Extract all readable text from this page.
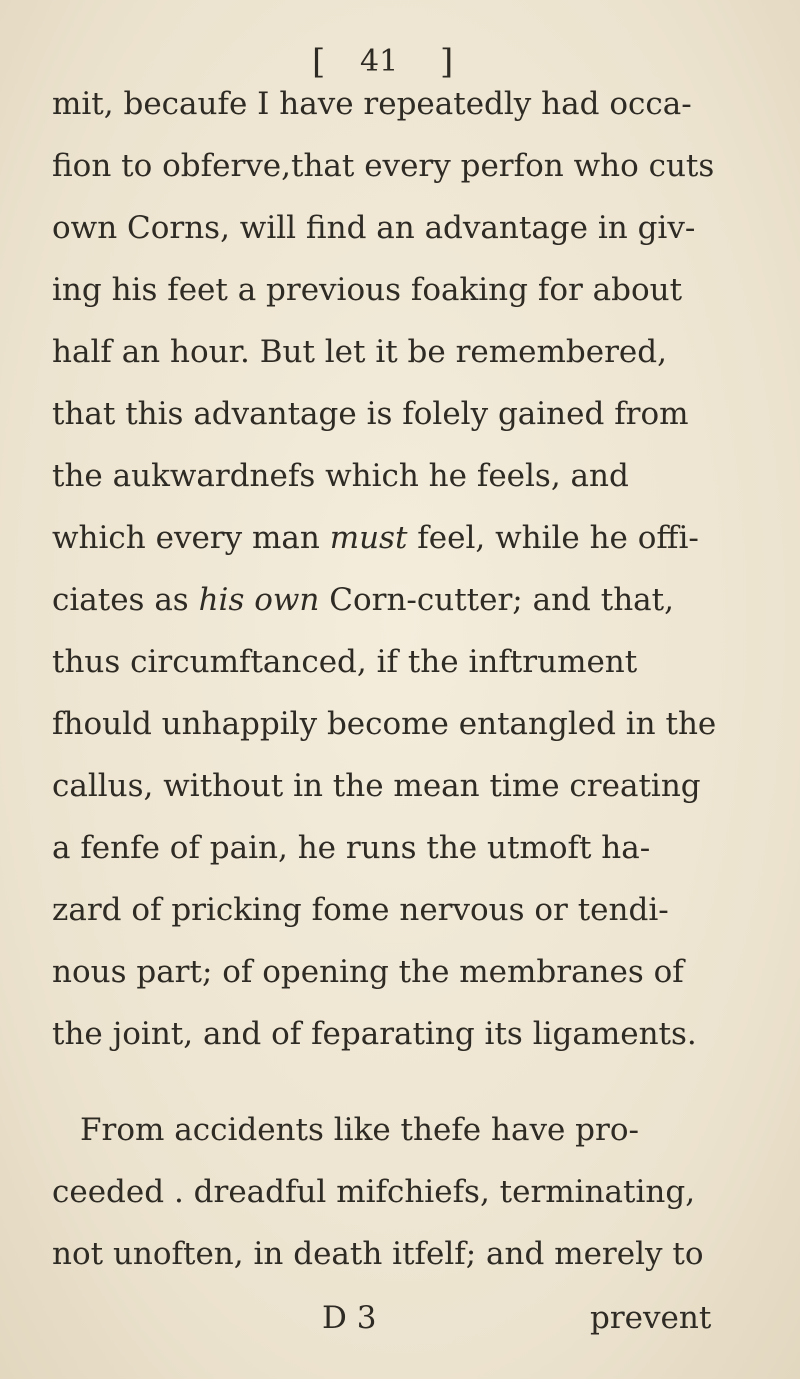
[ 41 ]
mit, becaufe I have repeatedly had occa-
fion to obferve,that every perfon who cuts
own Corns, will find an advantage in giv-
ing his feet a previous foaking for about
half an hour. But let it be remembered,
that this advantage is folely gained from
the aukwardnefs which he feels, and
which every man must feel, while he offi-
ciates as his own Corn-cutter; and that,
thus circumftanced, if the inftrument
fhould unhappily become entangled in the
callus, without in the mean time creating
a fenfe of pain, he runs the utmoft ha-
zard of pricking fome nervous or tendi-
nous part; of opening the membranes of
the joint, and of feparating its ligaments.
From accidents like thefe have pro-
ceeded . dreadful mifchiefs, terminating,
not unoften, in death itfelf; and merely to
D 3	prevent
